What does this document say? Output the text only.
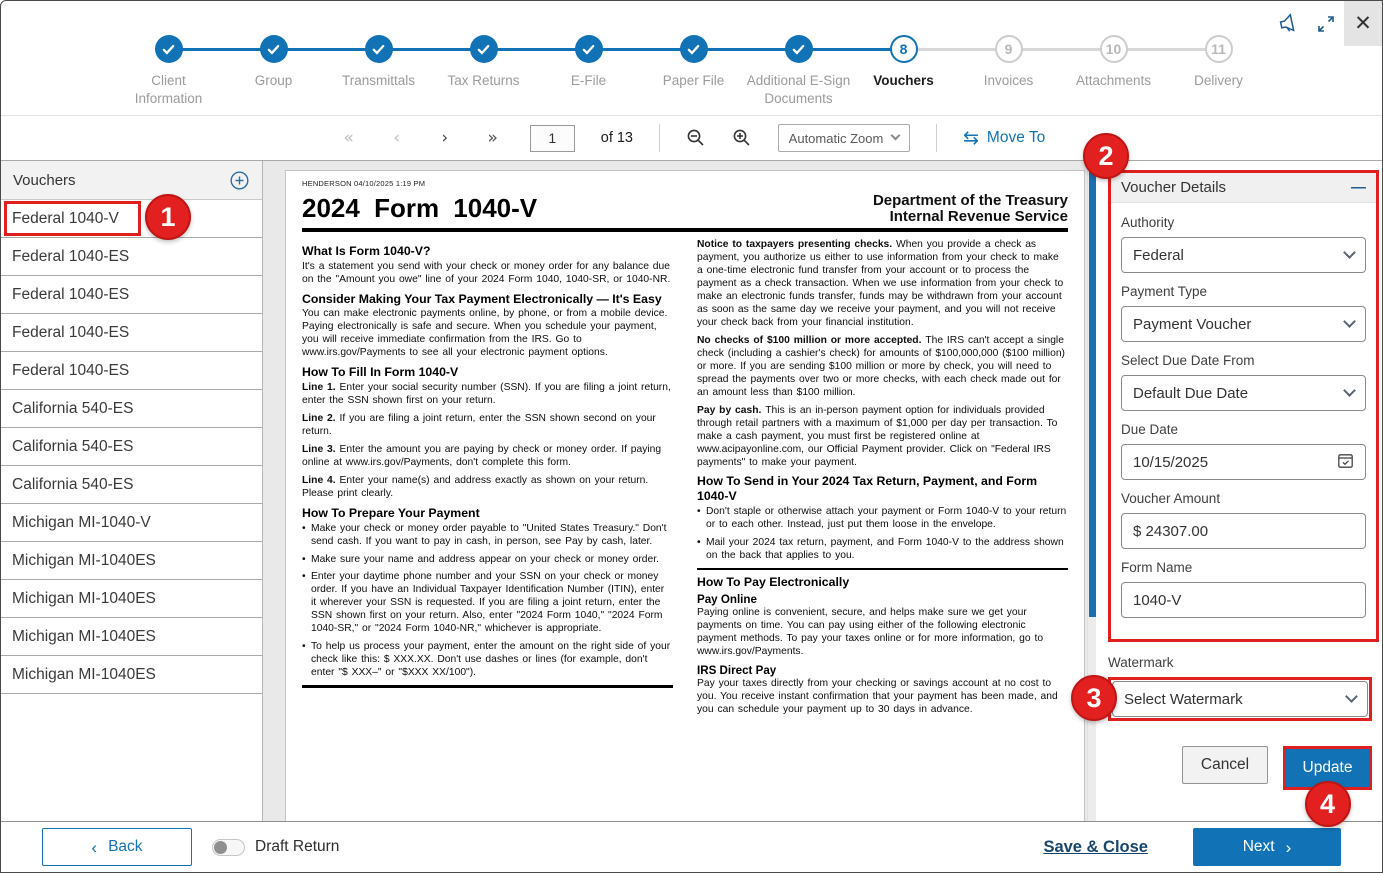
Client Information
Group	Transmittals Tax Returns	E-File	Paper File Additional E-Sign Documents
8
Vouchers
9
Invoices
10
Attachments
11
Delivery
✕
«	‹	›	»
1	of 13	Automatic Zoom	⇆ Move To
Vouchers
Federal 1040-V	1
Federal 1040-ES
Federal 1040-ES
Federal 1040-ES
Federal 1040-ES
California 540-ES
California 540-ES
California 540-ES
Michigan MI-1040-V
Michigan MI-1040ES
Michigan MI-1040ES
Michigan MI-1040ES
Michigan MI-1040ES
HENDERSON 04/10/2025 1:19 PM
2024 Form 1040-V	Department of the Treasury
Internal Revenue Service
What Is Form 1040-V?
It's a statement you send with your check or money order for any balance due on the "Amount you owe" line of your 2024 Form 1040, 1040-SR, or 1040-NR.
Consider Making Your Tax Payment Electronically — It's Easy
You can make electronic payments online, by phone, or from a mobile device. Paying electronically is safe and secure. When you schedule your payment, you will receive immediate confirmation from the IRS. Go to www.irs.gov/Payments to see all your electronic payment options.
How To Fill In Form 1040-V
Line 1. Enter your social security number (SSN). If you are filing a joint return, enter the SSN shown first on your return.
Line 2. If you are filing a joint return, enter the SSN shown second on your return.
Line 3. Enter the amount you are paying by check or money order. If paying online at www.irs.gov/Payments, don't complete this form.
Line 4. Enter your name(s) and address exactly as shown on your return. Please print clearly.
How To Prepare Your Payment
• Make your check or money order payable to "United States Treasury." Don't send cash. If you want to pay in cash, in person, see Pay by cash, later.
• Make sure your name and address appear on your check or money order.
• Enter your daytime phone number and your SSN on your check or money order. If you have an Individual Taxpayer Identification Number (ITIN), enter it wherever your SSN is requested. If you are filing a joint return, enter the SSN shown first on your return. Also, enter "2024 Form 1040," "2024 Form 1040-SR," or "2024 Form 1040-NR," whichever is appropriate.
• To help us process your payment, enter the amount on the right side of your check like this: $ XXX.XX. Don't use dashes or lines (for example, don't enter "$ XXX–" or "$XXX XX/100").
Notice to taxpayers presenting checks. When you provide a check as payment, you authorize us either to use information from your check to make a one-time electronic fund transfer from your account or to process the payment as a check transaction. When we use information from your check to make an electronic funds transfer, funds may be withdrawn from your account as soon as the same day we receive your payment, and you will not receive your check back from your financial institution.
No checks of $100 million or more accepted. The IRS can't accept a single check (including a cashier's check) for amounts of $100,000,000 ($100 million) or more. If you are sending $100 million or more by check, you will need to spread the payments over two or more checks, with each check made out for an amount less than $100 million.
Pay by cash. This is an in-person payment option for individuals provided through retail partners with a maximum of $1,000 per day per transaction. To make a cash payment, you must first be registered online at www.acipayonline.com, our Official Payment provider. Click on "Federal IRS payments" to make your payment.
How To Send in Your 2024 Tax Return, Payment, and Form 1040-V
• Don't staple or otherwise attach your payment or Form 1040-V to your return or to each other. Instead, just put them loose in the envelope.
• Mail your 2024 tax return, payment, and Form 1040-V to the address shown on the back that applies to you.
How To Pay Electronically
Pay Online
Paying online is convenient, secure, and helps make sure we get your payments on time. You can pay using either of the following electronic payment methods. To pay your taxes online or for more information, go to www.irs.gov/Payments.
IRS Direct Pay
Pay your taxes directly from your checking or savings account at no cost to you. You receive instant confirmation that your payment has been made, and you can schedule your payment up to 30 days in advance.
Voucher Details	—
Authority
Federal
Payment Type
Payment Voucher
Select Due Date From
Default Due Date
Due Date
10/15/2025
Voucher Amount
$ 24307.00
Form Name
1040-V
2
Watermark
Select Watermark
3
Cancel	Update
4
‹ Back	Draft Return	Save & Close	Next ›
